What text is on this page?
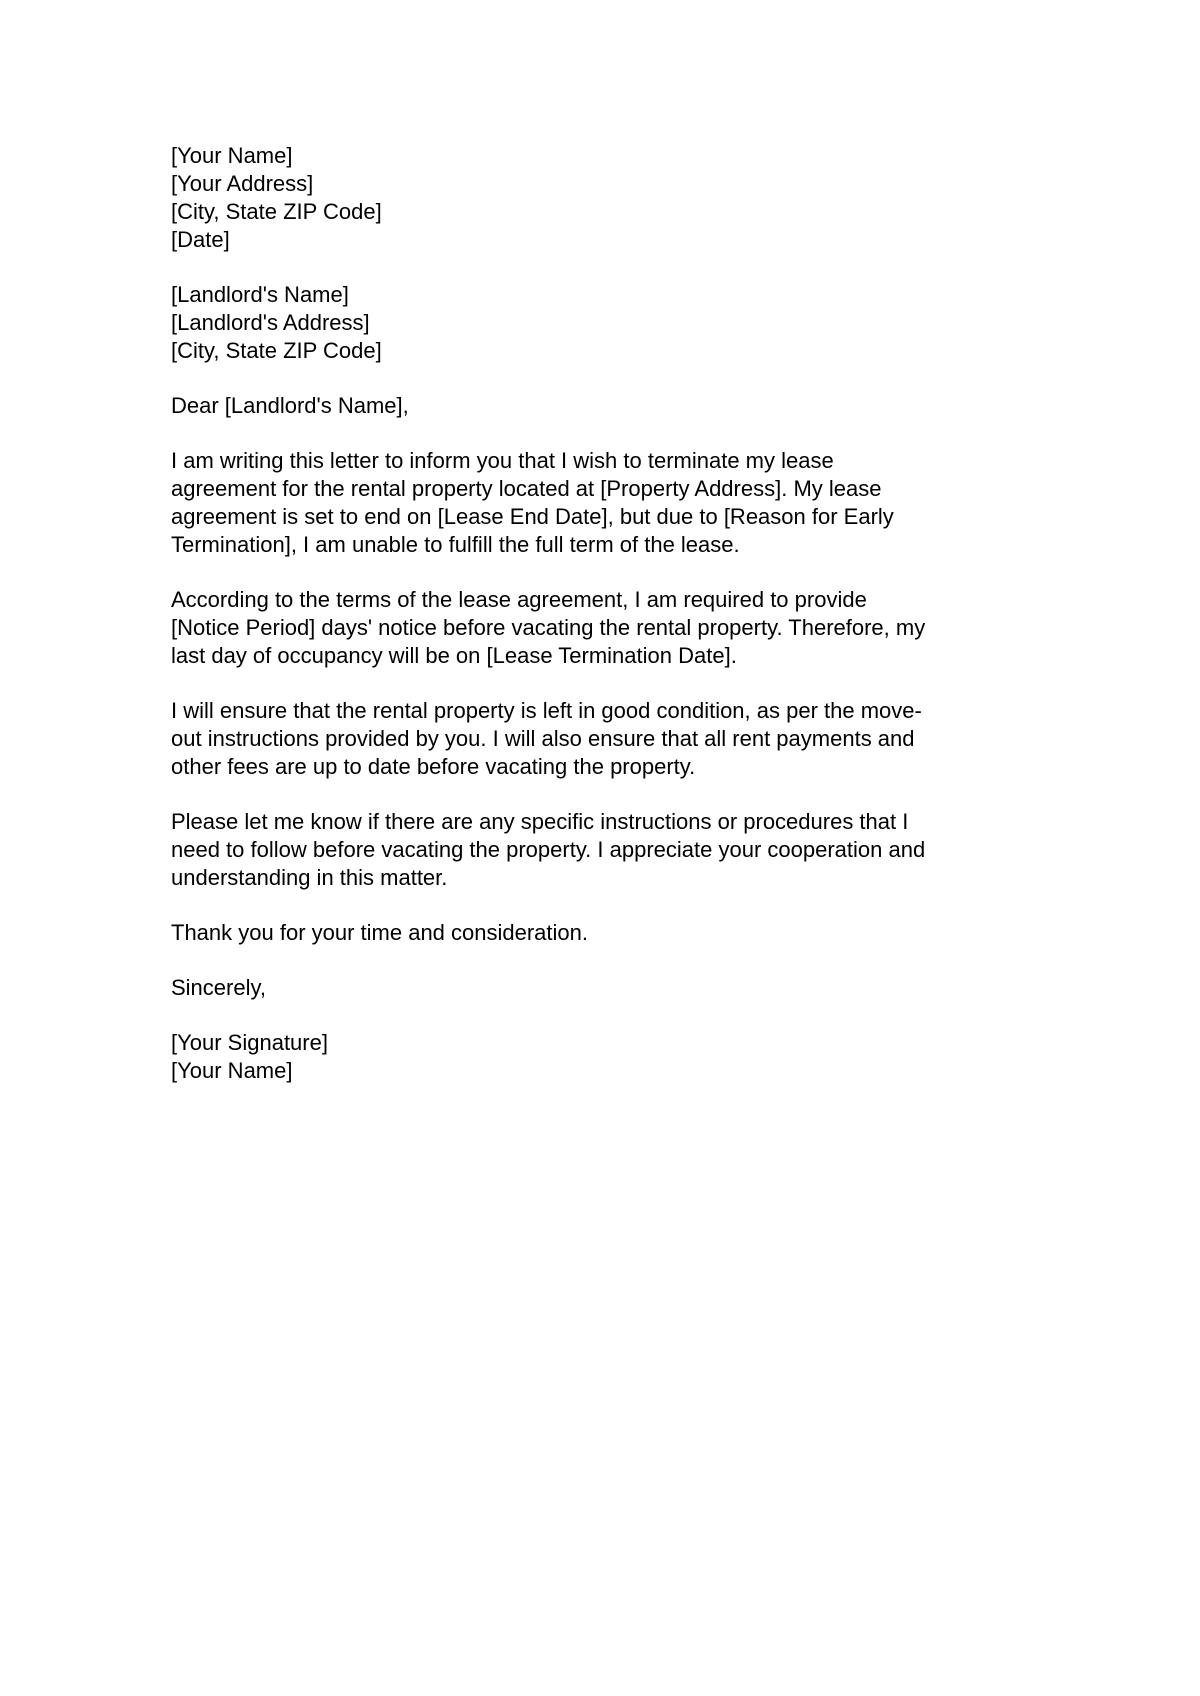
[Your Name]
[Your Address]
[City, State ZIP Code]
[Date]
[Landlord's Name]
[Landlord's Address]
[City, State ZIP Code]
Dear [Landlord's Name],
I am writing this letter to inform you that I wish to terminate my lease
agreement for the rental property located at [Property Address]. My lease
agreement is set to end on [Lease End Date], but due to [Reason for Early
Termination], I am unable to fulfill the full term of the lease.
According to the terms of the lease agreement, I am required to provide
[Notice Period] days' notice before vacating the rental property. Therefore, my
last day of occupancy will be on [Lease Termination Date].
I will ensure that the rental property is left in good condition, as per the move-
out instructions provided by you. I will also ensure that all rent payments and
other fees are up to date before vacating the property.
Please let me know if there are any specific instructions or procedures that I
need to follow before vacating the property. I appreciate your cooperation and
understanding in this matter.
Thank you for your time and consideration.
Sincerely,
[Your Signature]
[Your Name]
